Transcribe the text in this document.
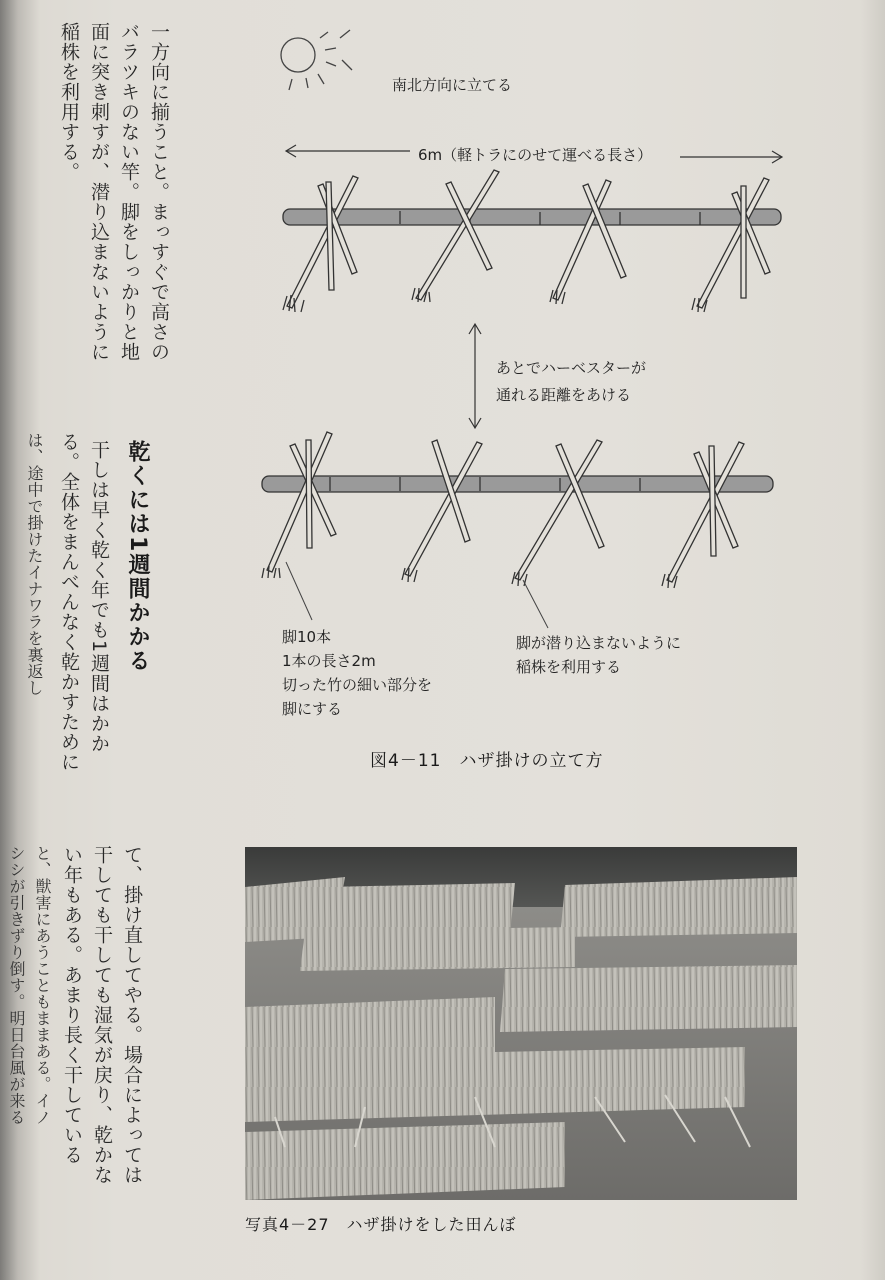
一方向に揃うこと。まっすぐで高さの
バラツキのない竿。脚をしっかりと地
面に突き刺すが、潜り込まないように
稲株を利用する。
乾くには1週間かかる
干しは早く乾く年でも1週間はかか
る。全体をまんべんなく乾かすために
は、途中で掛けたイナワラを裏返し
て、掛け直してやる。場合によっては
干しても干しても湿気が戻り、乾かな
い年もある。あまり長く干している
と、獣害にあうこともままある。イノ
シシが引きずり倒す。明日台風が来る
南北方向に立てる
6m（軽トラにのせて運べる長さ）
あとでハーベスターが
通れる距離をあける
脚10本
1本の長さ2m
切った竹の細い部分を
脚にする
脚が潜り込まないように
稲株を利用する
図4－11　ハザ掛けの立て方
写真4－27　ハザ掛けをした田んぼ
